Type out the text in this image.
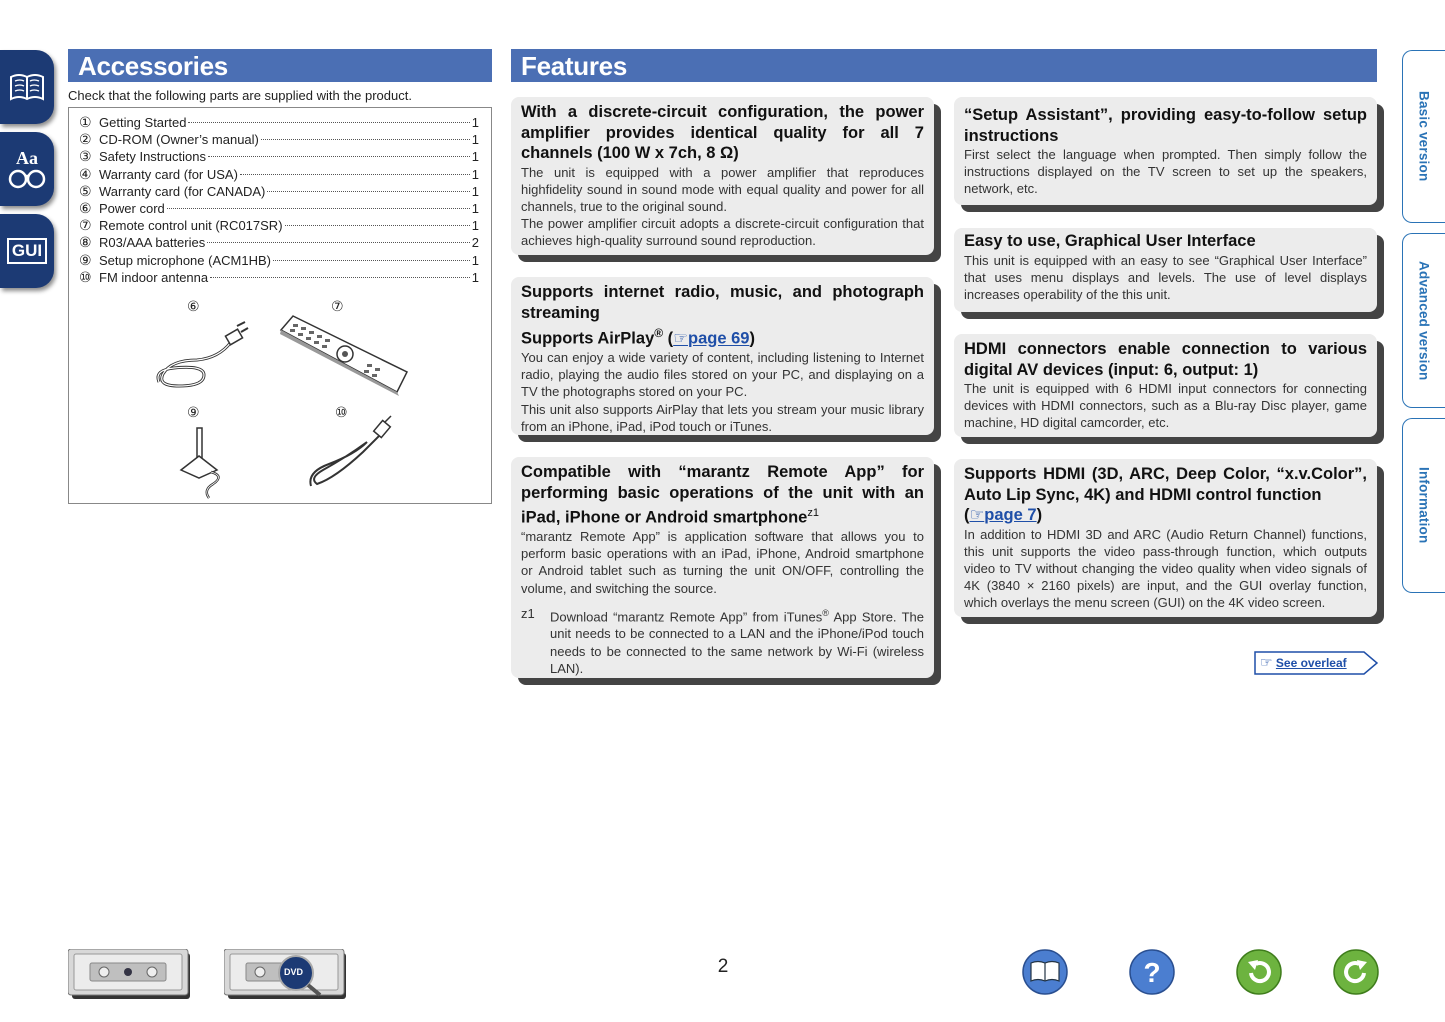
Aa
GUI
Basic version
Advanced version
Information
Accessories
Check that the following parts are supplied with the product.
① Getting Started	1
② CD-ROM (Owner’s manual)	1
③ Safety Instructions	1
④ Warranty card (for USA)	1
⑤ Warranty card (for CANADA)	1
⑥ Power cord	1
⑦ Remote control unit (RC017SR)	1
⑧ R03/AAA batteries	2
⑨ Setup microphone (ACM1HB)	1
⑩ FM indoor antenna	1
⑥	⑦
⑨	⑩
Features
With a discrete-circuit configuration, the power amplifier provides identical quality for all 7 channels (100 W x 7ch, 8 Ω)

The unit is equipped with a power amplifier that reproduces highfidelity sound in sound mode with equal quality and power for all channels, true to the original sound.

The power amplifier circuit adopts a discrete-circuit configuration that achieves high-quality surround sound reproduction.

Supports internet radio, music, and photograph streaming
Supports AirPlay® (☞page 69)

You can enjoy a wide variety of content, including listening to Internet radio, playing the audio files stored on your PC, and displaying on a TV the photographs stored on your PC.

This unit also supports AirPlay that lets you stream your music library from an iPhone, iPad, iPod touch or iTunes.

Compatible with “marantz Remote App” for performing basic operations of the unit with an iPad, iPhone or Android smartphone$^{z1}$

“marantz Remote App” is application software that allows you to perform basic operations with an iPad, iPhone, Android smartphone or Android tablet such as turning the unit ON/OFF, controlling the volume, and switching the source.

z1	Download “marantz Remote App” from iTunes® App Store. The unit needs to be connected to a LAN and the iPhone/iPod touch needs to be connected to the same network by Wi-Fi (wireless LAN).
“Setup Assistant”, providing easy-to-follow setup instructions

First select the language when prompted. Then simply follow the instructions displayed on the TV screen to set up the speakers, network, etc.

Easy to use, Graphical User Interface

This unit is equipped with an easy to see “Graphical User Interface” that uses menu displays and levels. The use of level displays increases operability of the this unit.

HDMI connectors enable connection to various digital AV devices (input: 6, output: 1)

The unit is equipped with 6 HDMI input connectors for connecting devices with HDMI connectors, such as a Blu-ray Disc player, game machine, HD digital camcorder, etc.

Supports HDMI (3D, ARC, Deep Color, “x.v.Color”, Auto Lip Sync, 4K) and HDMI control function
(☞page 7)

In addition to HDMI 3D and ARC (Audio Return Channel) functions, this unit supports the video pass-through function, which outputs video to TV without changing the video quality when video signals of 4K (3840 × 2160 pixels) are input, and the GUI overlay function, which overlays the menu screen (GUI) on the 4K video screen.

☞ See overleaf
2
DVD	?
